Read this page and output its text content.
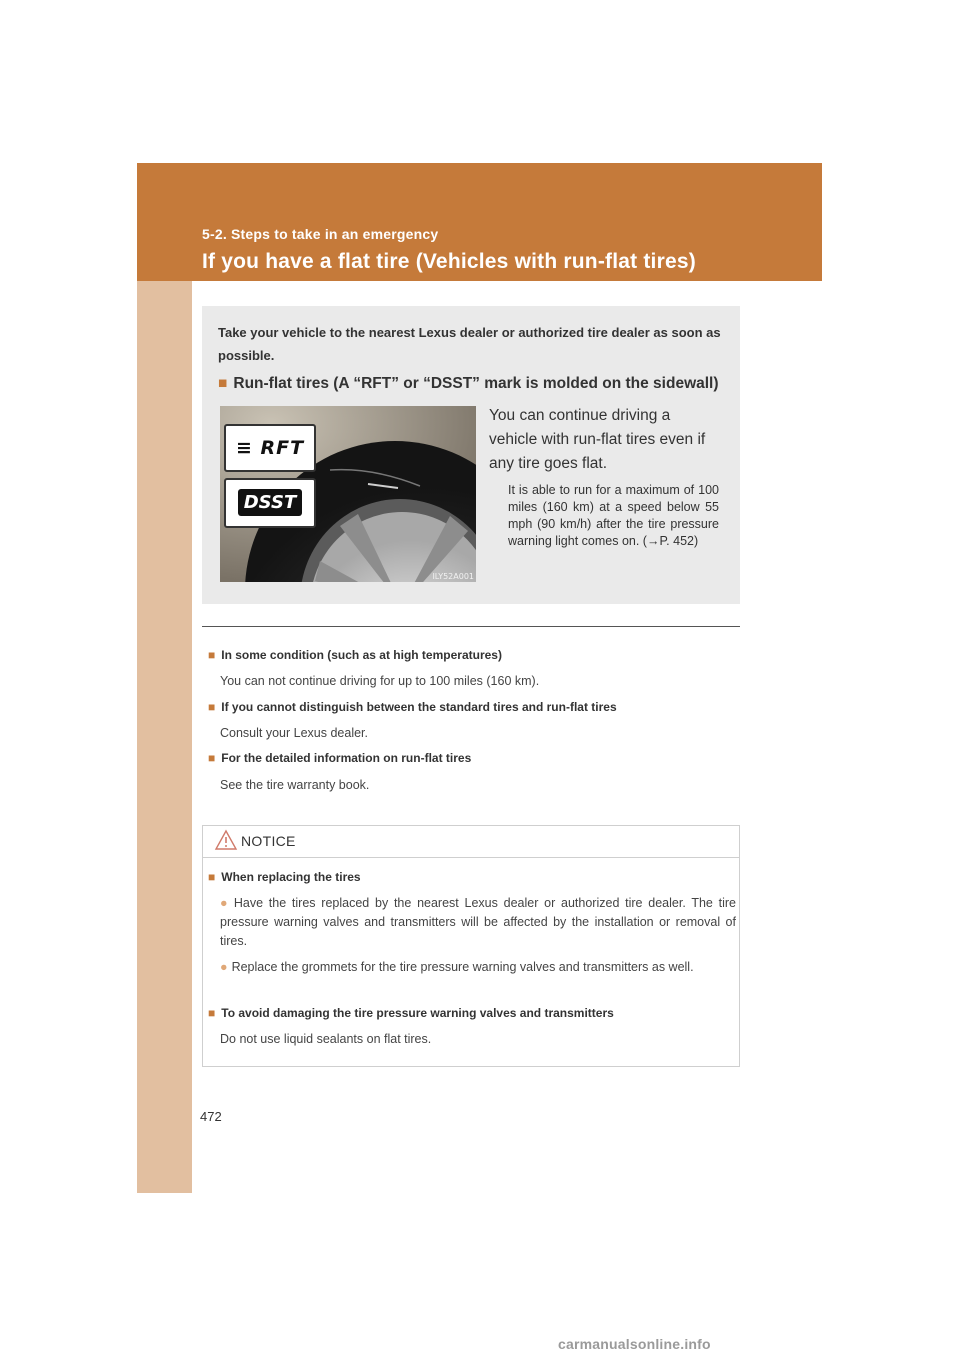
5-2. Steps to take in an emergency
If you have a flat tire (Vehicles with run-flat tires)
Take your vehicle to the nearest Lexus dealer or authorized tire dealer as soon as possible.
■ Run-flat tires (A “RFT” or “DSST” mark is molded on the sidewall)
≡ RFT
DSST
ILY52A001
You can continue driving a vehicle with run-flat tires even if any tire goes flat.
It is able to run for a maximum of 100 miles (160 km) at a speed below 55 mph (90 km/h) after the tire pressure warning light comes on. (→P. 452)
■ In some condition (such as at high temperatures)
You can not continue driving for up to 100 miles (160 km).
■ If you cannot distinguish between the standard tires and run-flat tires
Consult your Lexus dealer.
■ For the detailed information on run-flat tires
See the tire warranty book.
NOTICE
■ When replacing the tires
● Have the tires replaced by the nearest Lexus dealer or authorized tire dealer. The tire pressure warning valves and transmitters will be affected by the installation or removal of tires.
● Replace the grommets for the tire pressure warning valves and transmitters as well.
■ To avoid damaging the tire pressure warning valves and transmitters
Do not use liquid sealants on flat tires.
472
carmanualsonline.info
